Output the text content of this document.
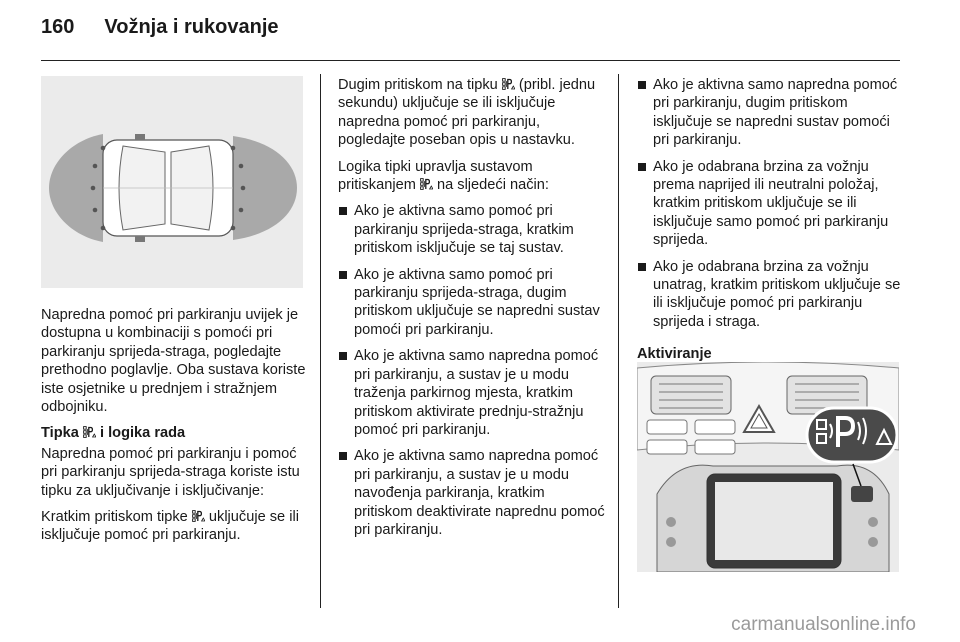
160 Vožnja i rukovanje

Napredna pomoć pri parkiranju uvijek je dostupna u kombinaciji s pomoći pri parkiranju sprijeda-straga, pogledajte prethodno poglavlje. Oba sustava koriste iste osjetnike u prednjem i stražnjem odbojniku.

Tipka i logika rada

Napredna pomoć pri parkiranju i pomoć pri parkiranju sprijeda-straga koriste istu tipku za uključivanje i isključivanje:

Kratkim pritiskom tipke uključuje se ili isključuje pomoć pri parkiranju.

Dugim pritiskom na tipku (pribl. jednu sekundu) uključuje se ili isključuje napredna pomoć pri parkiranju, pogledajte poseban opis u nastavku.

Logika tipki upravlja sustavom pritiskanjem na sljedeći način:

Ako je aktivna samo pomoć pri parkiranju sprijeda-straga, kratkim pritiskom isključuje se taj sustav.
Ako je aktivna samo pomoć pri parkiranju sprijeda-straga, dugim pritiskom uključuje se napredni sustav pomoći pri parkiranju.
Ako je aktivna samo napredna pomoć pri parkiranju, a sustav je u modu traženja parkirnog mjesta, kratkim pritiskom aktivirate prednju-stražnju pomoć pri parkiranju.
Ako je aktivna samo napredna pomoć pri parkiranju, a sustav je u modu navođenja parkiranja, kratkim pritiskom deaktivirate naprednu pomoć pri parkiranju.
Ako je aktivna samo napredna pomoć pri parkiranju, dugim pritiskom isključuje se napredni sustav pomoći pri parkiranju.
Ako je odabrana brzina za vožnju prema naprijed ili neutralni položaj, kratkim pritiskom uključuje se ili isključuje samo pomoć pri parkiranju sprijeda.
Ako je odabrana brzina za vožnju unatrag, kratkim pritiskom uključuje se ili isključuje pomoć pri parkiranju sprijeda i straga.
Aktiviranje
carmanualsonline.info
